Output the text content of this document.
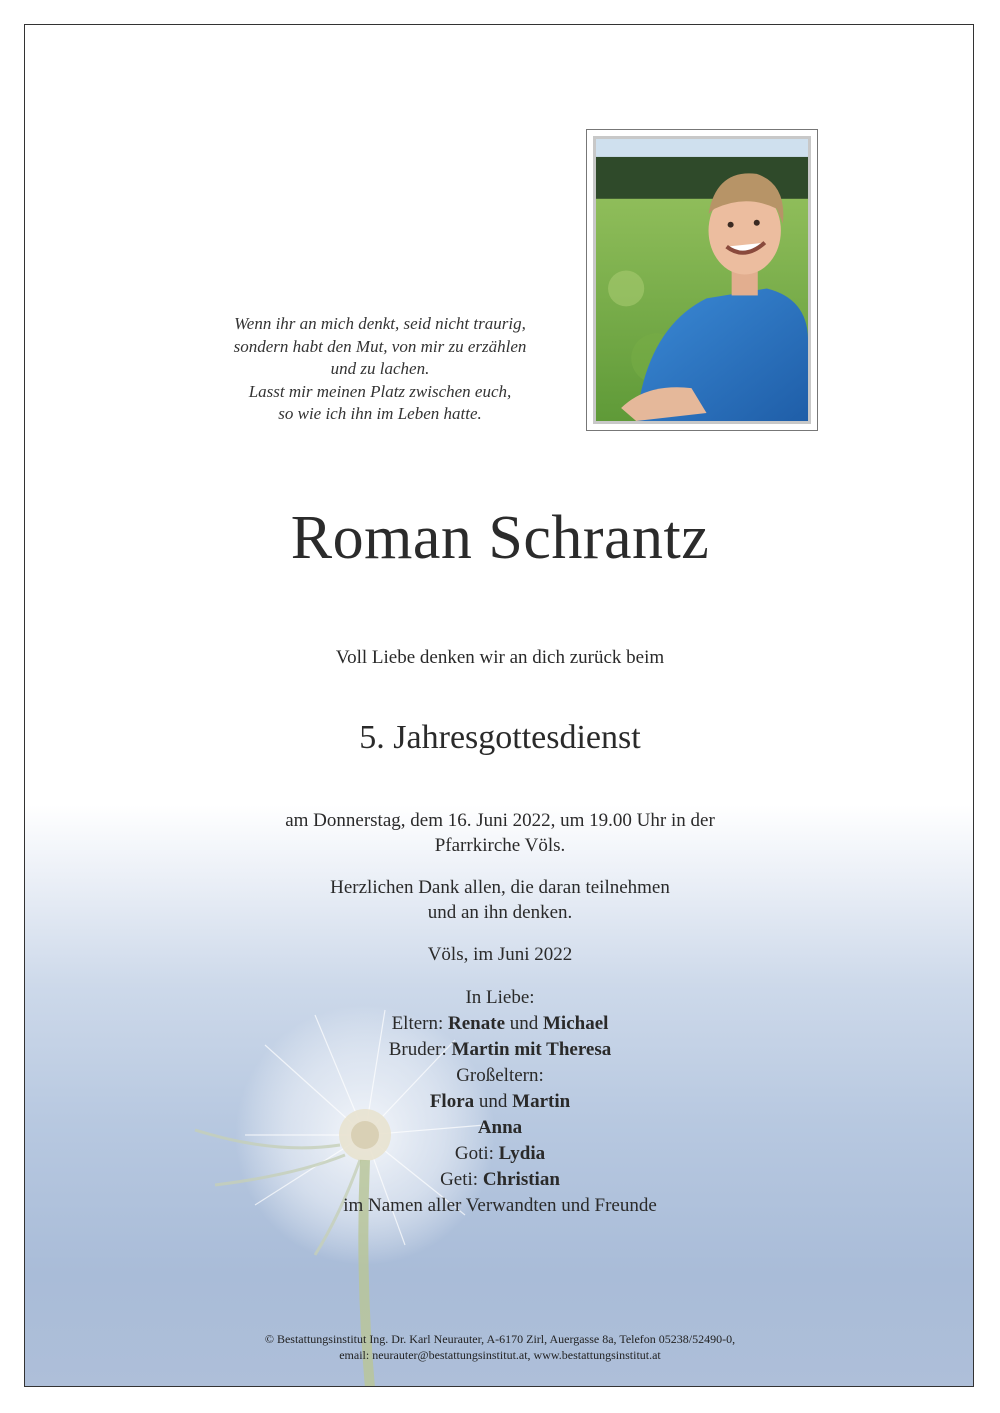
Wenn ihr an mich denkt, seid nicht traurig,
sondern habt den Mut, von mir zu erzählen
und zu lachen.
Lasst mir meinen Platz zwischen euch,
so wie ich ihn im Leben hatte.
Roman Schrantz
Voll Liebe denken wir an dich zurück beim
5. Jahresgottesdienst
am Donnerstag, dem 16. Juni 2022, um 19.00 Uhr in der
Pfarrkirche Völs.
Herzlichen Dank allen, die daran teilnehmen
und an ihn denken.
Völs, im Juni 2022
In Liebe:
Eltern: Renate und Michael
Bruder: Martin mit Theresa
Großeltern:
Flora und Martin
Anna
Goti: Lydia
Geti: Christian
im Namen aller Verwandten und Freunde
© Bestattungsinstitut Ing. Dr. Karl Neurauter, A-6170 Zirl, Auergasse 8a, Telefon 05238/52490-0,
email: neurauter@bestattungsinstitut.at, www.bestattungsinstitut.at
